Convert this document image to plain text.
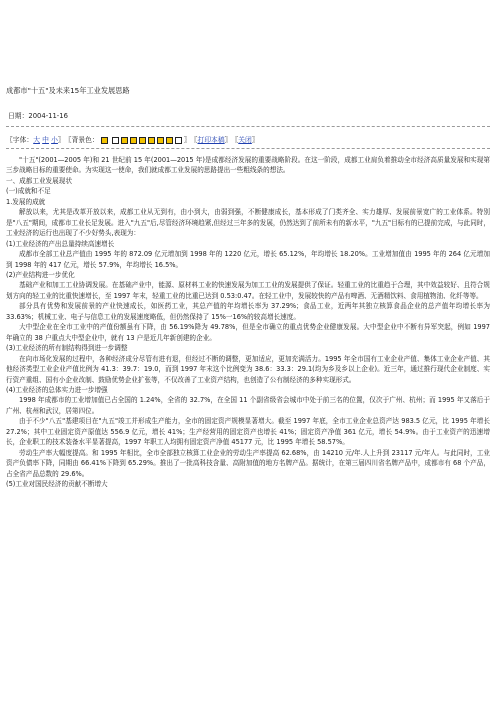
成都市"十五"及未来15年工业发展思路
日期：2004-11-16
〖字体： 大
中
小 〗 〖背景色：
	〗 〖 打印本稿 〗 〖 关闭 〗

"十五"(2001—2005 年)和 21 世纪前 15 年(2001—2015 年)是成都经济发展的重要战略阶段。在这一阶段，成都工业肩负着推动全市经济高质量发展和实现第三步战略目标的重要使命。为实现这一使命，我们就成都工业发展的思路提出一些粗线条的想法。

一、成都工业发展现状

(一)成就和不足

1.发展的成就

解放以来，尤其是改革开放以来，成都工业从无到有，由小到大，由弱到强，不断健康成长，基本形成了门类齐全、实力雄厚、发展前景宽广的工业体系。特别是"八五"期间，成都市工业长足发展。进入"九五"后,尽管经济环境趋紧,但经过三年多的发展，仍然达到了前所未有的新水平，"九五"目标有的已提前完成，与此同时，工业经济的运行也出现了不少好势头,表现为：

(1)工业经济的产出总量持续高速增长

成都市全部工业总产值由 1995 年的 872.09 亿元增加到 1998 年的 1220 亿元，增长 65.12%，年均增长 18.20%。工业增加值由 1995 年的 264 亿元增加到 1998 年的 417 亿元，增长 57.9%，年均增长 16.5%。

(2)产业结构进一步优化

基础产业和加工工业协调发展。在基础产业中，能源、原材料工业的快速发展为加工工业的发展提供了保证。轻重工业的比重趋于合理，其中效益较好、且符合规划方向的轻工业的比重快速增长，至 1997 年末，轻重工业的比重已达到 0.53:0.47。在轻工业中，发展较快的产品有啤酒、无酒精饮料、食用植物油、化纤等等。

部分具有优势和发展前景的产业快速成长，如医药工业，其总产值的年均增长率为 37.29%；食品工业，近两年其独立核算食品企业的总产值年均增长率为 33.63%；机械工业、电子与信息工业的发展速度略低，但仍然保持了 15%一16%的较高增长速度。

大中型企业在全市工业中的产值份额虽有下降，由 56.19%降为 49.78%，但是全市确立的重点优势企业健康发展。大中型企业中不断有异军突起，例如 1997 年确立的 38 户重点大中型企业中，就有 13 户是近几年新创建的企业。

(3)工业经济的所有制结构得到进一步调整

在向市场化发展的过程中，各种经济成分尽管有进有退，但经过不断的调整，更加适应，更加充满活力。1995 年全市国有工业企业产值、集体工业企业产值、其他经济类型工业企业产值比例为 41.3：39.7：19.0，而到 1997 年末这个比例变为 38.6：33.3：29.1(均为乡及乡以上企业)。近三年，通过推行现代企业制度、实行资产重组、国有小企业改制、鼓励优势企业扩张等，不仅改善了工业资产结构，也创造了公有制经济的多种实现形式。

(4)工业经济的总体实力进一步增强

1998 年成都市的工业增加值已占全国的 1.24%，全省的 32.7%，在全国 11 个副省级省会城市中处于前三名的位置，仅次于广州、杭州；而 1995 年又落后于广州、杭州和武汉，居第四位。

由于不少"八五"基建项目在"九五"竣工并形成生产能力，全市的固定资产规模显著增大。截至 1997 年底，全市工业企业总资产达 983.5 亿元，比 1995 年增长 27.2%；其中工业固定资产原值达 556.9 亿元，增长 41%；生产经营用的固定资产也增长 41%；固定资产净值 361 亿元，增长 54.9%。由于工业资产的迅速增长，企业职工的技术装备水平显著提高，1997 年职工人均拥有固定资产净值 45177 元，比 1995 年增长 58.57%。

劳动生产率大幅度提高。和 1995 年相比，全市全部独立核算工业企业的劳动生产率提高 62.68%，由 14210 元/年.人上升到 23117 元/年人。与此同时，工业资产负债率下降，同期由 66.41%下降到 65.29%。推出了一批高科技含量、高附加值的地方名牌产品。据统计，在第三届四川省名牌产品中，成都市有 68 个产品，占全省产品总数的 29.6%。

(5)工业对国民经济的贡献不断增大
